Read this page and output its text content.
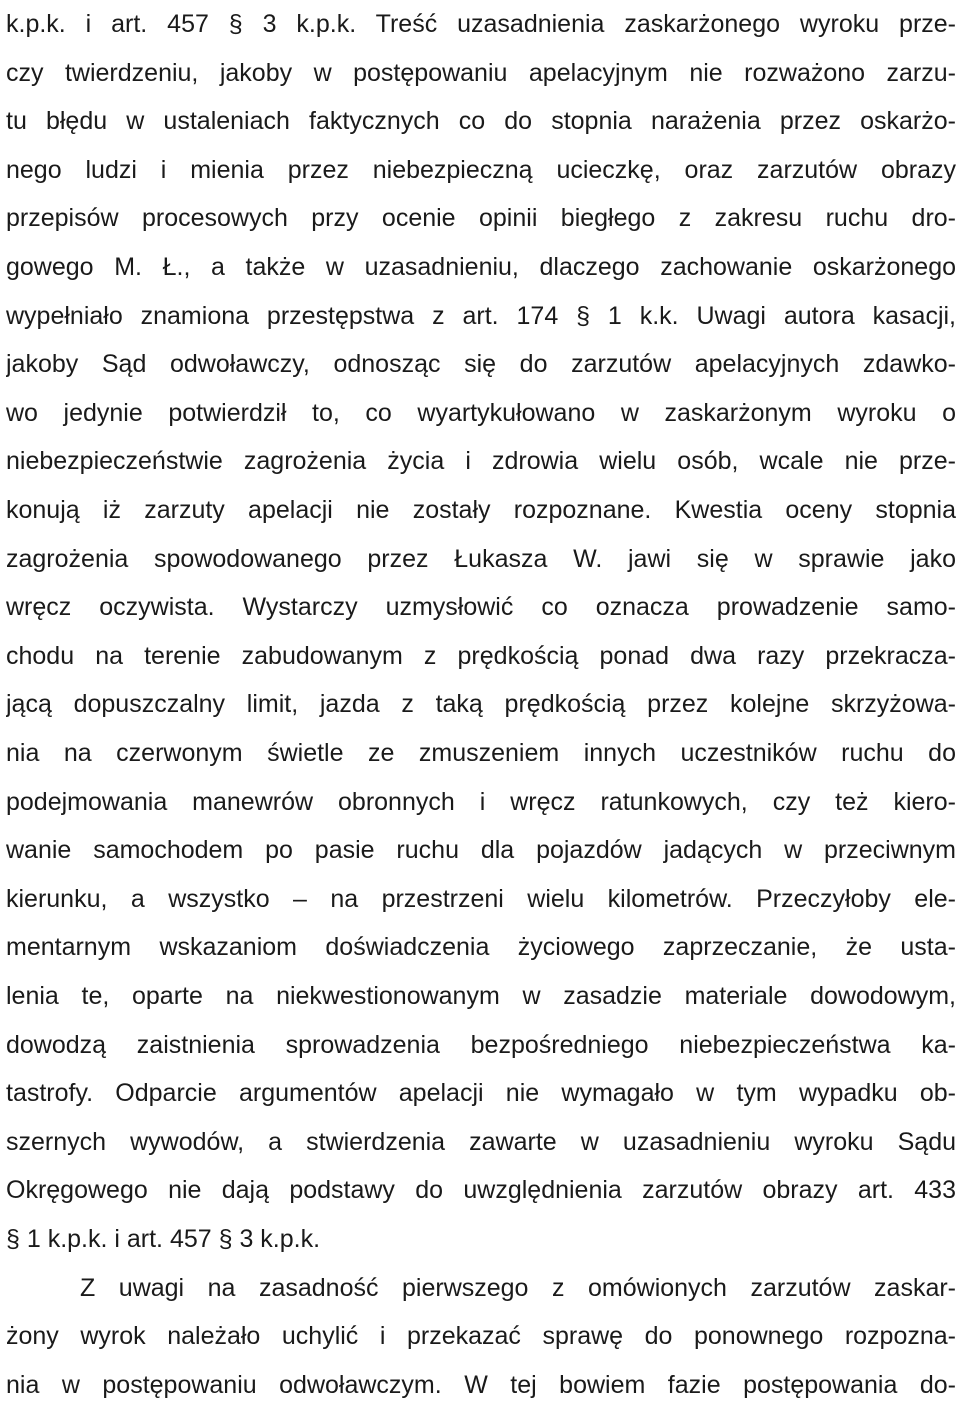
k.p.k. i art. 457 § 3 k.p.k. Treść uzasadnienia zaskarżonego wyroku prze-
czy twierdzeniu, jakoby w postępowaniu apelacyjnym nie rozważono zarzu-
tu błędu w ustaleniach faktycznych co do stopnia narażenia przez oskarżo-
nego ludzi i mienia przez niebezpieczną ucieczkę, oraz zarzutów obrazy
przepisów procesowych przy ocenie opinii biegłego z zakresu ruchu dro-
gowego M. Ł., a także w uzasadnieniu, dlaczego zachowanie oskarżonego
wypełniało znamiona przestępstwa z art. 174 § 1 k.k. Uwagi autora kasacji,
jakoby Sąd odwoławczy, odnosząc się do zarzutów apelacyjnych zdawko-
wo jedynie potwierdził to, co wyartykułowano w zaskarżonym wyroku o
niebezpieczeństwie zagrożenia życia i zdrowia wielu osób, wcale nie prze-
konują iż zarzuty apelacji nie zostały rozpoznane. Kwestia oceny stopnia
zagrożenia spowodowanego przez Łukasza W. jawi się w sprawie jako
wręcz oczywista. Wystarczy uzmysłowić co oznacza prowadzenie samo-
chodu na terenie zabudowanym z prędkością ponad dwa razy przekracza-
jącą dopuszczalny limit, jazda z taką prędkością przez kolejne skrzyżowa-
nia na czerwonym świetle ze zmuszeniem innych uczestników ruchu do
podejmowania manewrów obronnych i wręcz ratunkowych, czy też kiero-
wanie samochodem po pasie ruchu dla pojazdów jadących w przeciwnym
kierunku, a wszystko – na przestrzeni wielu kilometrów. Przeczyłoby ele-
mentarnym wskazaniom doświadczenia życiowego zaprzeczanie, że usta-
lenia te, oparte na niekwestionowanym w zasadzie materiale dowodowym,
dowodzą zaistnienia sprowadzenia bezpośredniego niebezpieczeństwa ka-
tastrofy. Odparcie argumentów apelacji nie wymagało w tym wypadku ob-
szernych wywodów, a stwierdzenia zawarte w uzasadnieniu wyroku Sądu
Okręgowego nie dają podstawy do uwzględnienia zarzutów obrazy art. 433
§ 1 k.p.k. i art. 457 § 3 k.p.k.
Z uwagi na zasadność pierwszego z omówionych zarzutów zaskar-
żony wyrok należało uchylić i przekazać sprawę do ponownego rozpozna-
nia w postępowaniu odwoławczym. W tej bowiem fazie postępowania do-
